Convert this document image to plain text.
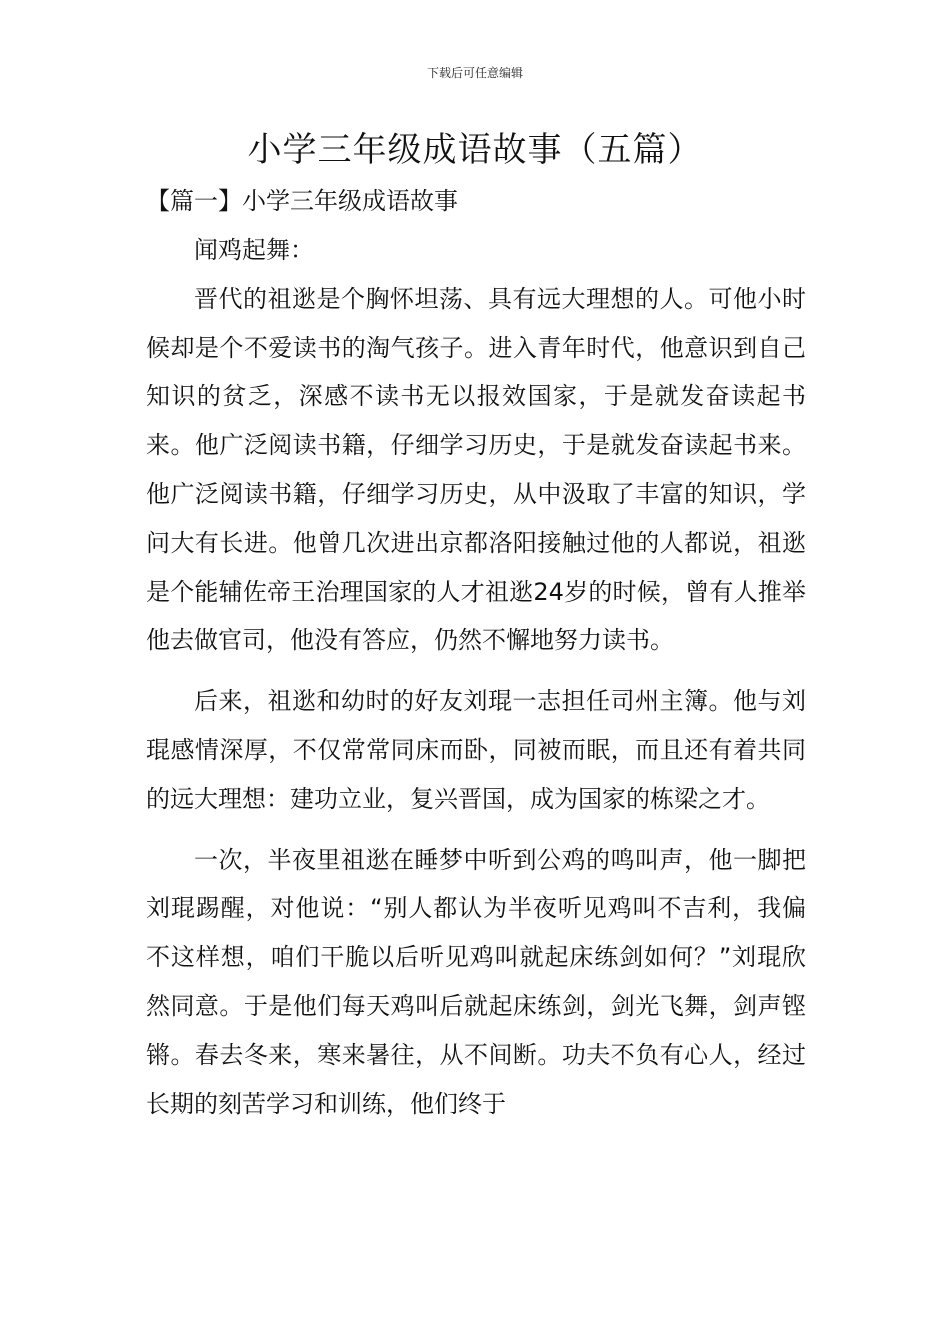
下载后可任意编辑
小学三年级成语故事（五篇）
【篇一】小学三年级成语故事

闻鸡起舞：

晋代的祖逖是个胸怀坦荡、具有远大理想的人。可他小时候却是个不爱读书的淘气孩子。进入青年时代，他意识到自己知识的贫乏，深感不读书无以报效国家，于是就发奋读起书来。他广泛阅读书籍，仔细学习历史，于是就发奋读起书来。他广泛阅读书籍，仔细学习历史，从中汲取了丰富的知识，学问大有长进。他曾几次进出京都洛阳接触过他的人都说，祖逖是个能辅佐帝王治理国家的人才祖逖24岁的时候，曾有人推举他去做官司，他没有答应，仍然不懈地努力读书。

后来，祖逖和幼时的好友刘琨一志担任司州主簿。他与刘琨感情深厚，不仅常常同床而卧，同被而眠，而且还有着共同的远大理想：建功立业，复兴晋国，成为国家的栋梁之才。

一次，半夜里祖逖在睡梦中听到公鸡的鸣叫声，他一脚把刘琨踢醒，对他说：“别人都认为半夜听见鸡叫不吉利，我偏不这样想，咱们干脆以后听见鸡叫就起床练剑如何？”刘琨欣然同意。于是他们每天鸡叫后就起床练剑，剑光飞舞，剑声铿锵。春去冬来，寒来暑往，从不间断。功夫不负有心人，经过长期的刻苦学习和训练，他们终于
